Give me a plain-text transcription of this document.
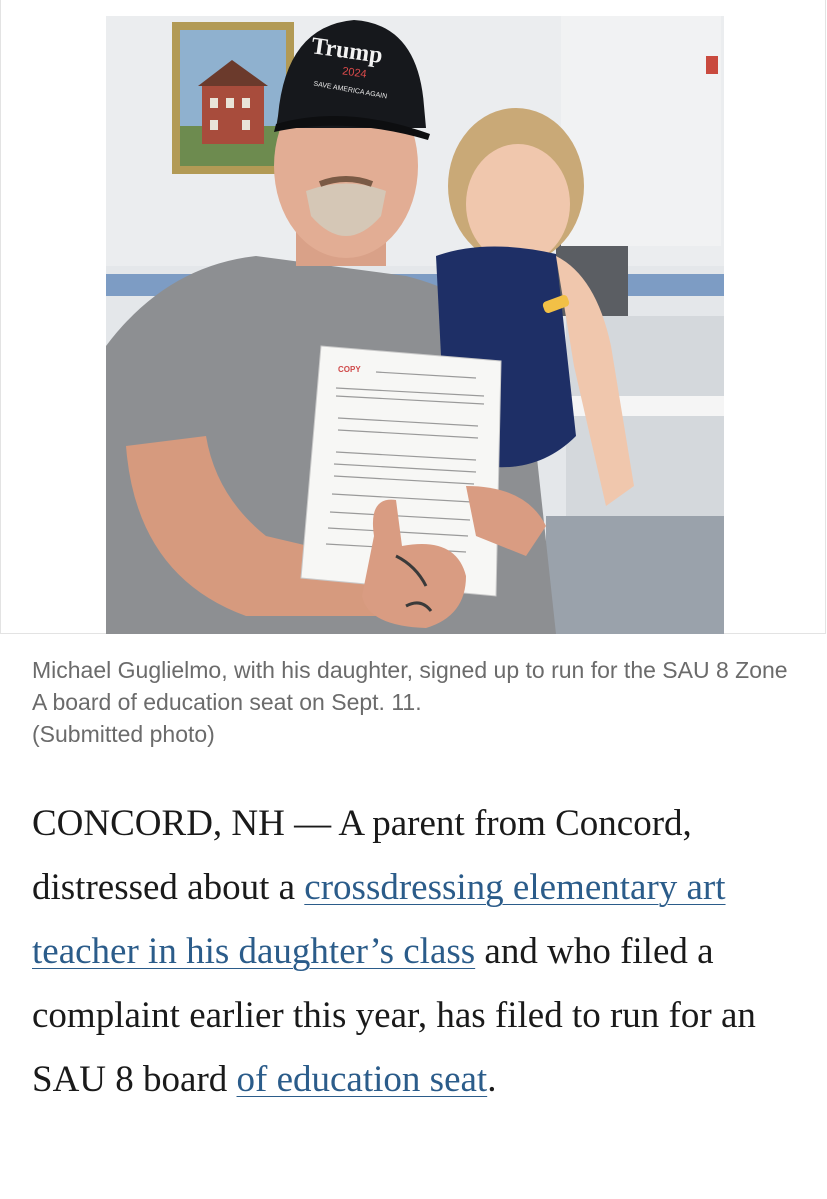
Trump
2024
SAVE AMERICA AGAIN
COPY

Michael Guglielmo, with his daughter, signed up to run for the SAU 8 Zone A board of education seat on Sept. 11.
(Submitted photo)

CONCORD, NH — A parent from Concord, distressed about a crossdressing elementary art teacher in his daughter’s class and who filed a complaint earlier this year, has filed to run for an SAU 8 board of education seat.
